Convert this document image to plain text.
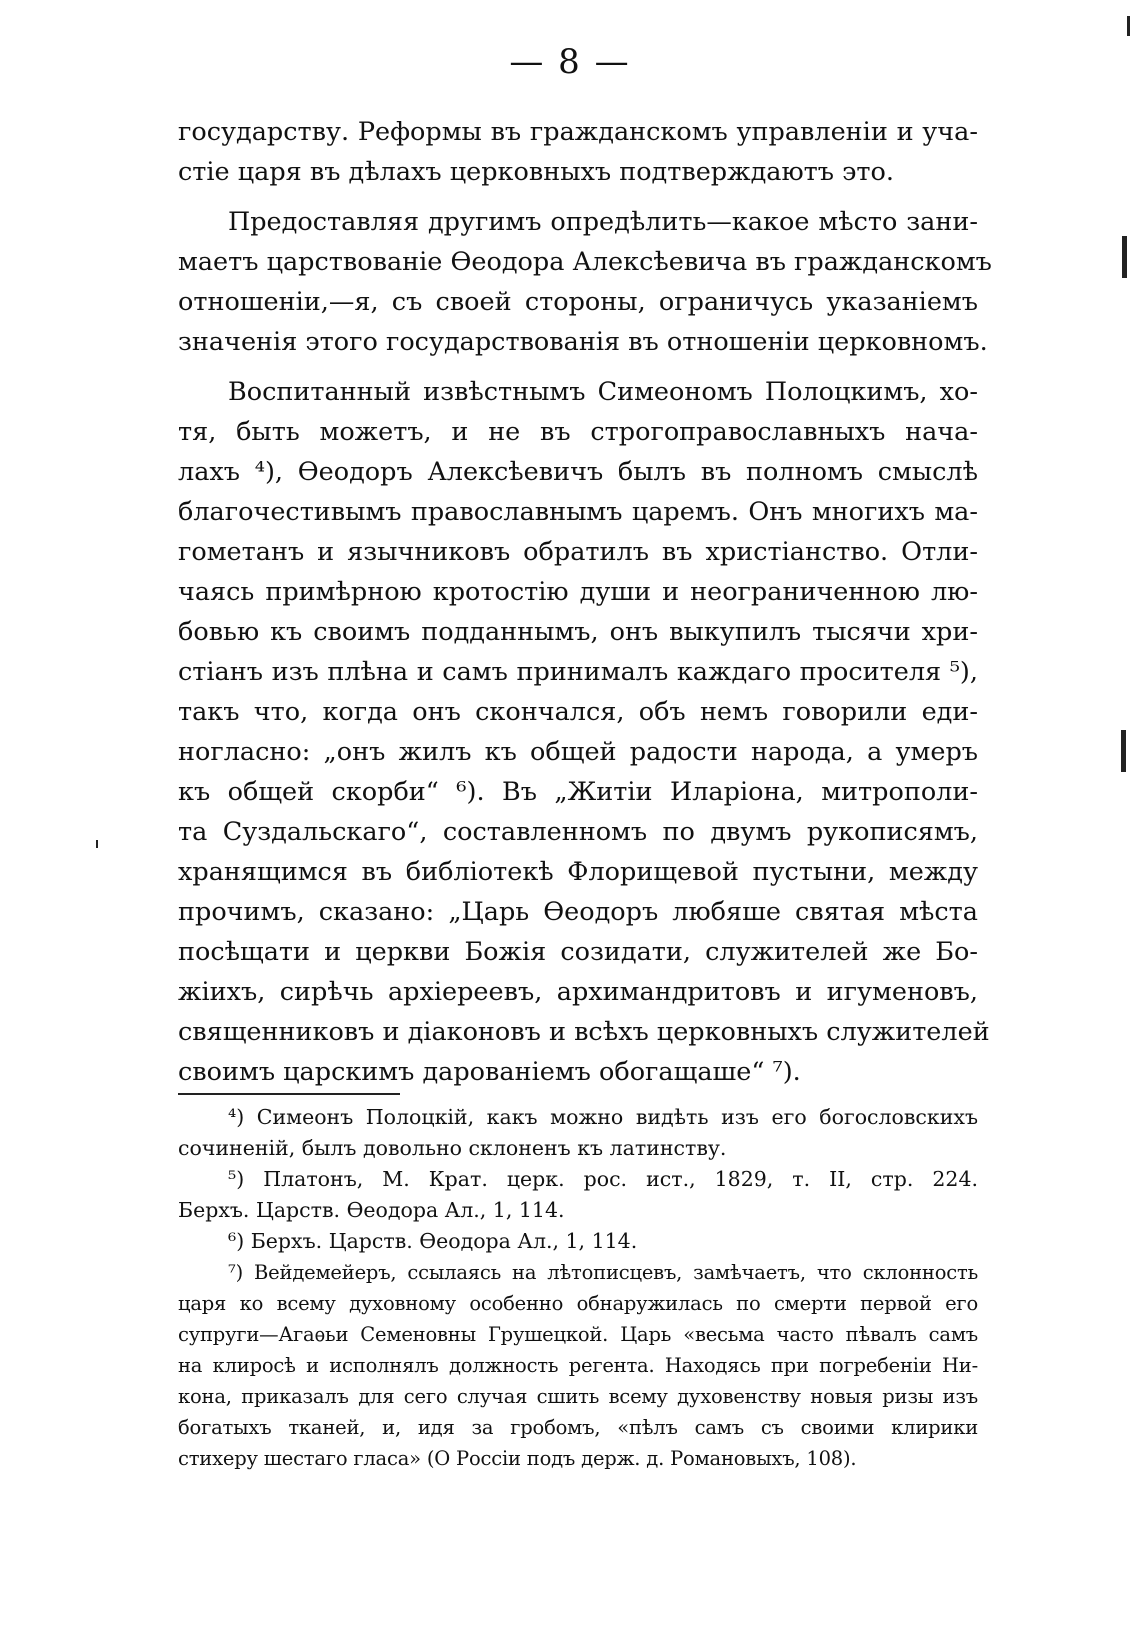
— 8 —
государству. Реформы въ гражданскомъ управленіи и уча-
стіе царя въ дѣлахъ церковныхъ подтверждаютъ это.
Предоставляя другимъ опредѣлить—какое мѣсто зани-
маетъ царствованіе Ѳеодора Алексѣевича въ гражданскомъ
отношеніи,—я, съ своей стороны, ограничусь указаніемъ
значенія этого государствованія въ отношеніи церковномъ.
Воспитанный извѣстнымъ Симеономъ Полоцкимъ, хо-
тя, быть можетъ, и не въ строгоправославныхъ нача-
лахъ ⁴), Ѳеодоръ Алексѣевичъ былъ въ полномъ смыслѣ
благочестивымъ православнымъ царемъ. Онъ многихъ ма-
гометанъ и язычниковъ обратилъ въ христіанство. Отли-
чаясь примѣрною кротостію души и неограниченною лю-
бовью къ своимъ подданнымъ, онъ выкупилъ тысячи хри-
стіанъ изъ плѣна и самъ принималъ каждаго просителя ⁵),
такъ что, когда онъ скончался, объ немъ говорили еди-
ногласно: „онъ жилъ къ общей радости народа, а умеръ
къ общей скорби“ ⁶). Въ „Житіи Иларіона, митрополи-
та Суздальскаго“, составленномъ по двумъ рукописямъ,
хранящимся въ библіотекѣ Флорищевой пустыни, между
прочимъ, сказано: „Царь Ѳеодоръ любяше святая мѣста
посѣщати и церкви Божія созидати, служителей же Бо-
жіихъ, сирѣчь архіереевъ, архимандритовъ и игуменовъ,
священниковъ и діаконовъ и всѣхъ церковныхъ служителей
своимъ царскимъ дарованіемъ обогащаше“ ⁷).
⁴) Симеонъ Полоцкій, какъ можно видѣть изъ его богословскихъ
сочиненій, былъ довольно склоненъ къ латинству.
⁵) Платонъ, М. Крат. церк. рос. ист., 1829, т. II, стр. 224.
Берхъ. Царств. Ѳеодора Ал., 1, 114.
⁶) Берхъ. Царств. Ѳеодора Ал., 1, 114.
⁷) Вейдемейеръ, ссылаясь на лѣтописцевъ, замѣчаетъ, что склонность
царя ко всему духовному особенно обнаружилась по смерти первой его
супруги—Агаѳьи Семеновны Грушецкой. Царь «весьма часто пѣвалъ самъ
на клиросѣ и исполнялъ должность регента. Находясь при погребеніи Ни-
кона, приказалъ для сего случая сшить всему духовенству новыя ризы изъ
богатыхъ тканей, и, идя за гробомъ, «пѣлъ самъ съ своими клирики
стихеру шестаго гласа» (О Россіи подъ держ. д. Романовыхъ, 108).
